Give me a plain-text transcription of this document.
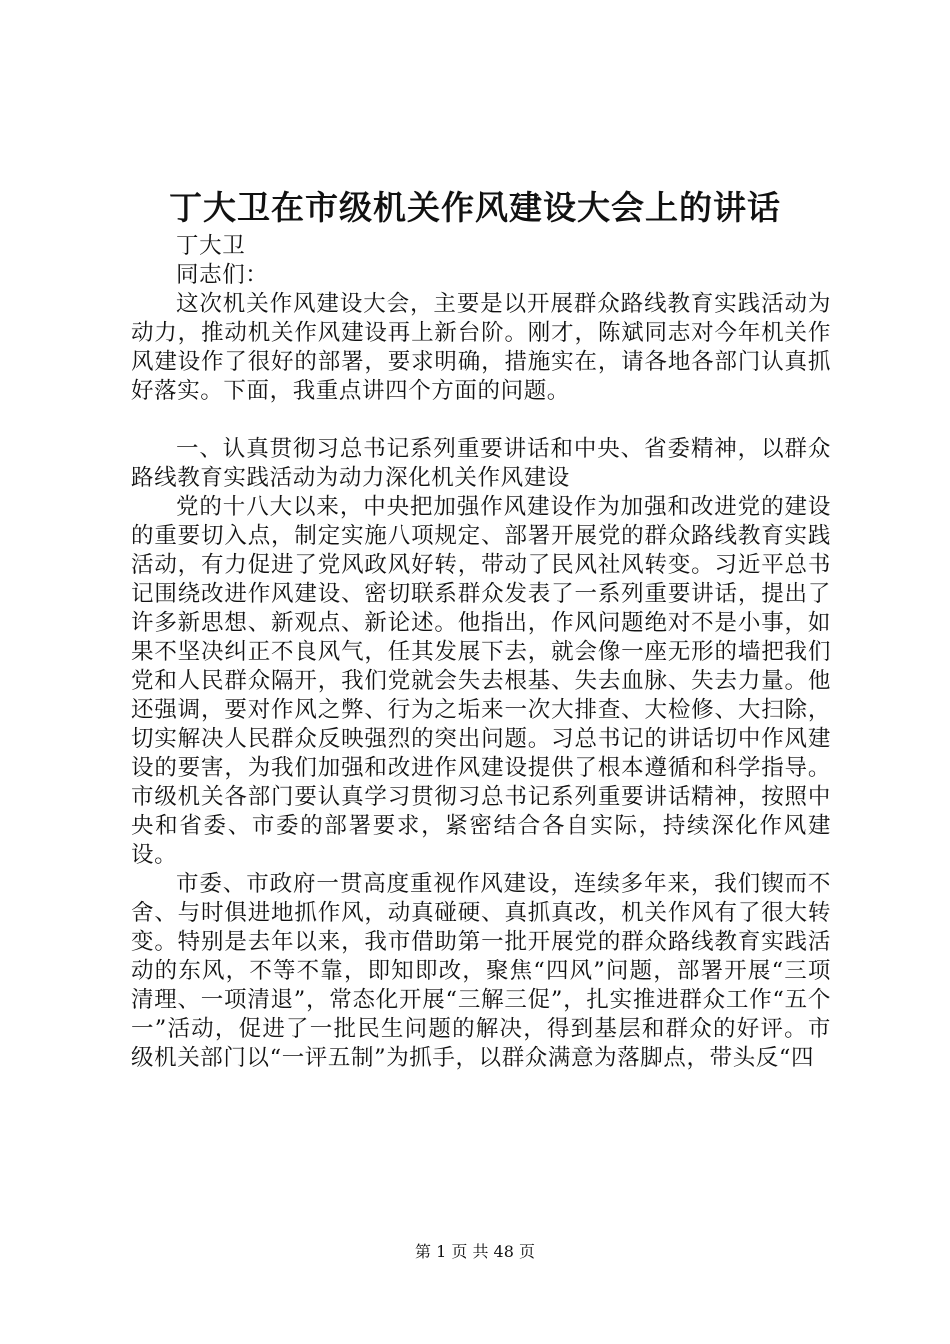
丁大卫在市级机关作风建设大会上的讲话

丁大卫

同志们：

这次机关作风建设大会，主要是以开展群众路线教育实践活动为动力，推动机关作风建设再上新台阶。刚才，陈斌同志对今年机关作风建设作了很好的部署，要求明确，措施实在，请各地各部门认真抓好落实。下面，我重点讲四个方面的问题。

一、认真贯彻习总书记系列重要讲话和中央、省委精神，以群众路线教育实践活动为动力深化机关作风建设

党的十八大以来，中央把加强作风建设作为加强和改进党的建设的重要切入点，制定实施八项规定、部署开展党的群众路线教育实践活动，有力促进了党风政风好转，带动了民风社风转变。习近平总书记围绕改进作风建设、密切联系群众发表了一系列重要讲话，提出了许多新思想、新观点、新论述。他指出，作风问题绝对不是小事，如果不坚决纠正不良风气，任其发展下去，就会像一座无形的墙把我们党和人民群众隔开，我们党就会失去根基、失去血脉、失去力量。他还强调，要对作风之弊、行为之垢来一次大排查、大检修、大扫除，切实解决人民群众反映强烈的突出问题。习总书记的讲话切中作风建设的要害，为我们加强和改进作风建设提供了根本遵循和科学指导。市级机关各部门要认真学习贯彻习总书记系列重要讲话精神，按照中央和省委、市委的部署要求，紧密结合各自实际，持续深化作风建设。

市委、市政府一贯高度重视作风建设，连续多年来，我们锲而不舍、与时俱进地抓作风，动真碰硬、真抓真改，机关作风有了很大转变。特别是去年以来，我市借助第一批开展党的群众路线教育实践活动的东风，不等不靠，即知即改，聚焦“四风”问题，部署开展“三项清理、一项清退”，常态化开展“三解三促”，扎实推进群众工作“五个一”活动，促进了一批民生问题的解决，得到基层和群众的好评。市级机关部门以“一评五制”为抓手，以群众满意为落脚点，带头反“四

第 1 页 共 48 页
